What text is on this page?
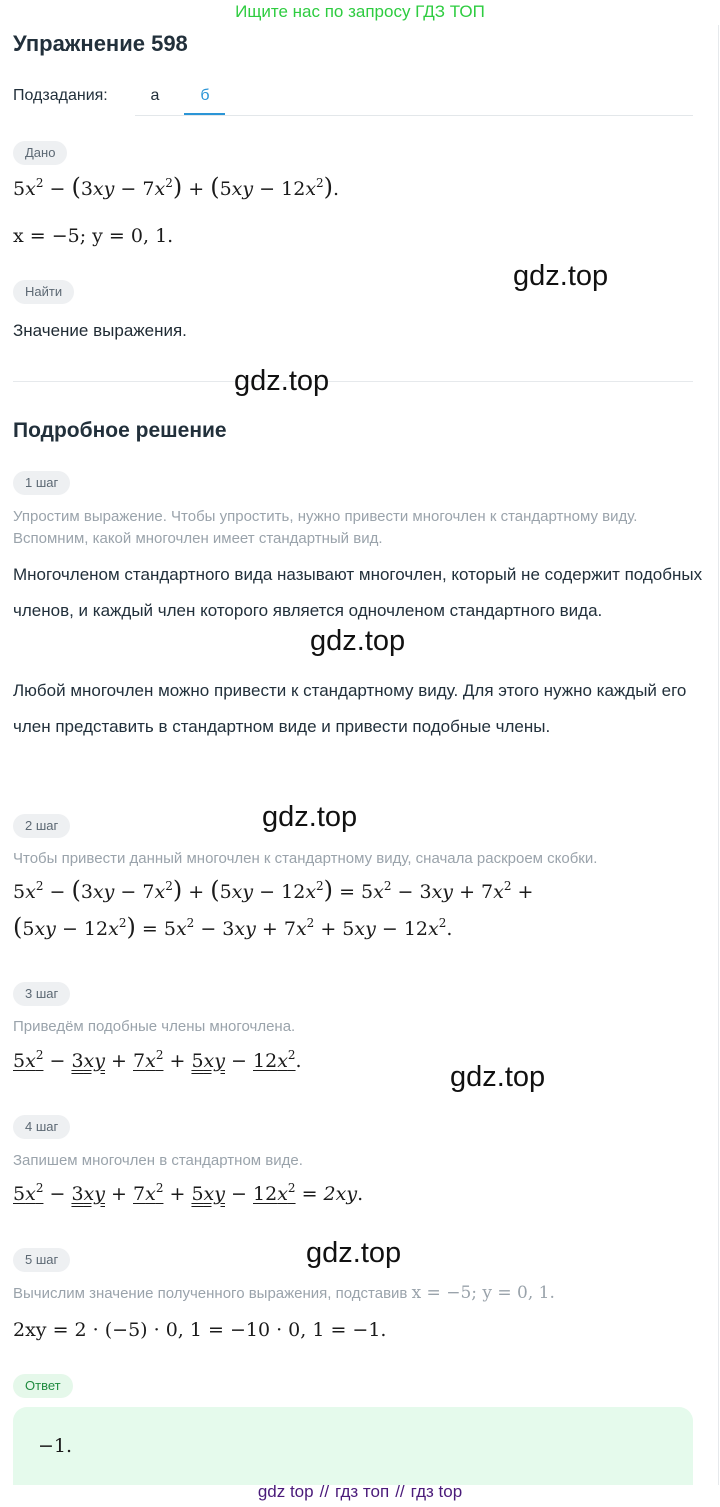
Ищите нас по запросу ГДЗ ТОП
Упражнение 598
Подзадания:	а	б
Дано
$5x^2 - (3xy - 7x^2) + (5xy - 12x^2)$.
x = −5; y = 0, 1.
Найти
Значение выражения.
gdz.top
gdz.top
gdz.top
gdz.top
gdz.top
gdz.top
Подробное решение
1 шаг
Упростим выражение. Чтобы упростить, нужно привести многочлен к стандартному виду. Вспомним, какой многочлен имеет стандартный вид.
Многочленом стандартного вида называют многочлен, который не содержит подобных членов, и каждый член которого является одночленом стандартного вида.
Любой многочлен можно привести к стандартному виду. Для этого нужно каждый его член представить в стандартном виде и привести подобные члены.
2 шаг
Чтобы привести данный многочлен к стандартному виду, сначала раскроем скобки.
$5x^2 - (3xy - 7x^2) + (5xy - 12x^2) = 5x^2 - 3xy + 7x^2$ +
$(5xy - 12x^2) = 5x^2 - 3xy + 7x^2 + 5xy - 12x^2$.
3 шаг
Приведём подобные члены многочлена.
$5x^2 - 3xy + 7x^2 + 5xy - 12x^2$.
4 шаг
Запишем многочлен в стандартном виде.
$5x^2 - 3xy + 7x^2 + 5xy - 12x^2 = 2xy$.
5 шаг
Вычислим значение полученного выражения, подставив x = −5; y = 0, 1.
2xy = 2 · (−5) · 0, 1 = −10 · 0, 1 = −1.
Ответ
−1.
gdz top // гдз топ // гдз top
